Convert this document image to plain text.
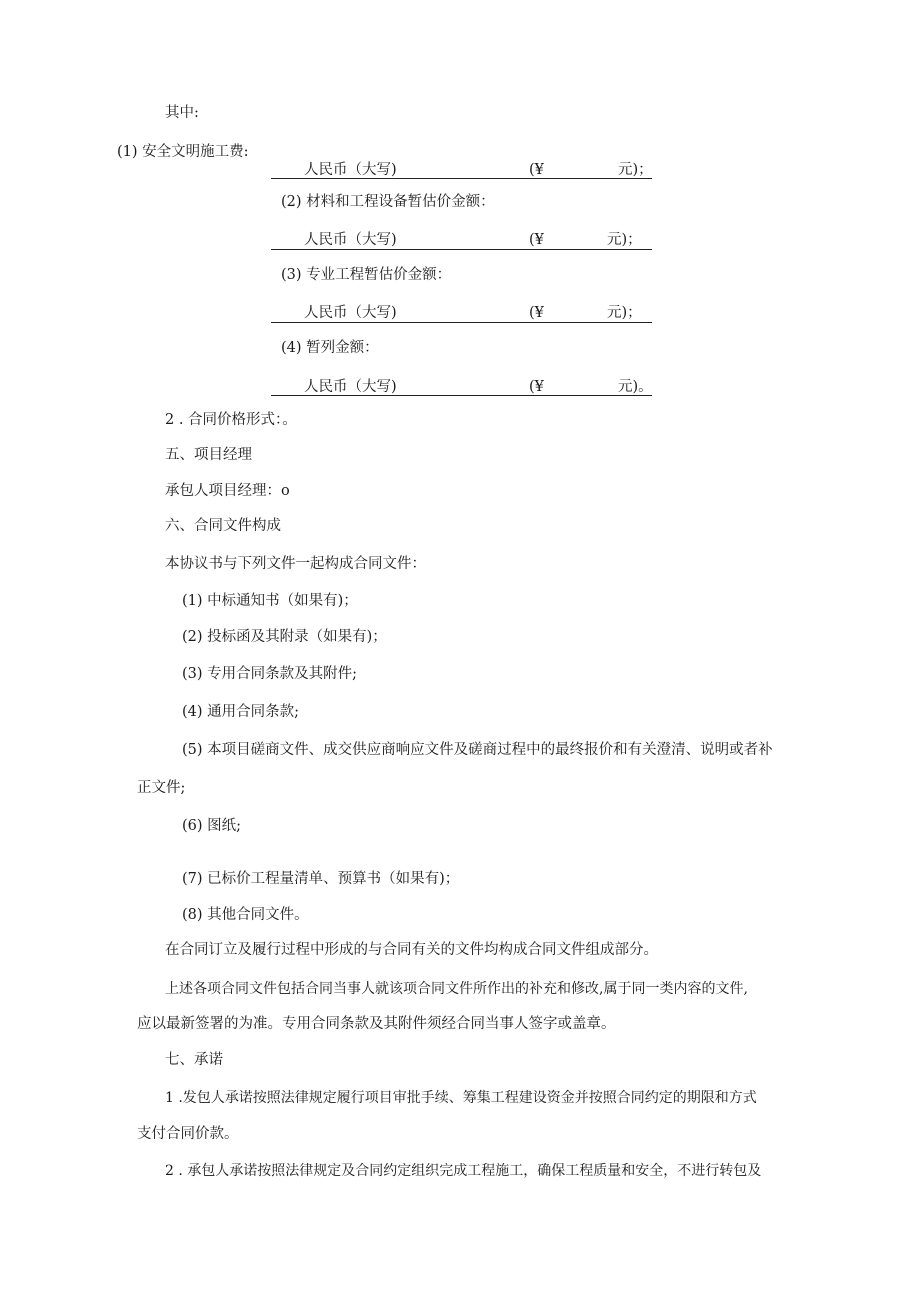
其中:
(1) 安全文明施工费:
人民币（大写)	(¥	元)；
(2) 材料和工程设备暂估价金额：
人民币（大写)	(¥	元)；
(3) 专业工程暂估价金额：
人民币（大写)	(¥	元)；
(4) 暂列金额：
人民币（大写)	(¥	元)。
2 . 合同价格形式：。
五、项目经理
承包人项目经理：o
六、合同文件构成
本协议书与下列文件一起构成合同文件：
(1) 中标通知书（如果有)；
(2) 投标函及其附录（如果有)；
(3) 专用合同条款及其附件;
(4) 通用合同条款;
(5) 本项目磋商文件、成交供应商响应文件及磋商过程中的最终报价和有关澄清、说明或者补
正文件;
(6) 图纸;
(7) 已标价工程量清单、预算书（如果有)；
(8) 其他合同文件。
在合同订立及履行过程中形成的与合同有关的文件均构成合同文件组成部分。
上述各项合同文件包括合同当事人就该项合同文件所作出的补充和修改,属于同一类内容的文件,
应以最新签署的为准。专用合同条款及其附件须经合同当事人签字或盖章。
七、承诺
1 .发包人承诺按照法律规定履行项目审批手续、筹集工程建设资金并按照合同约定的期限和方式
支付合同价款。
2 . 承包人承诺按照法律规定及合同约定组织完成工程施工，确保工程质量和安全，不进行转包及
